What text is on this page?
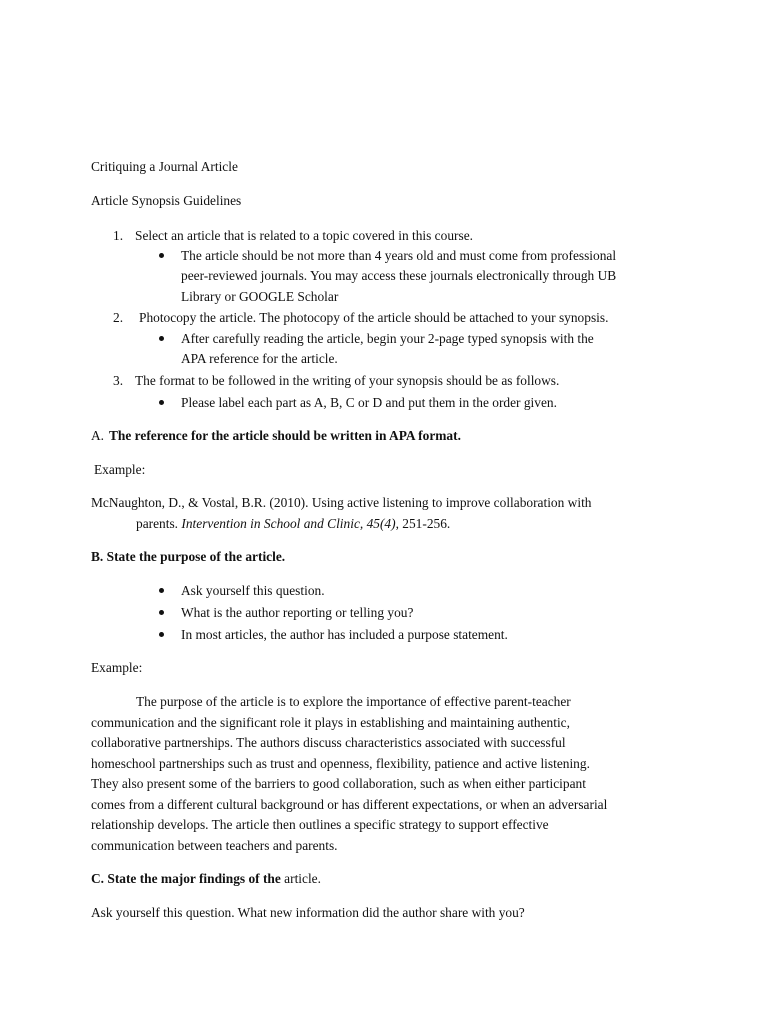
Critiquing a Journal Article
Article Synopsis Guidelines
1. Select an article that is related to a topic covered in this course.
The article should be not more than 4 years old and must come from professional
peer-reviewed journals. You may access these journals electronically through UB
Library or GOOGLE Scholar
2. Photocopy the article. The photocopy of the article should be attached to your synopsis.
After carefully reading the article, begin your 2-page typed synopsis with the
APA reference for the article.
3. The format to be followed in the writing of your synopsis should be as follows.
Please label each part as A, B, C or D and put them in the order given.
A. The reference for the article should be written in APA format.
Example:
McNaughton, D., & Vostal, B.R. (2010). Using active listening to improve collaboration with
parents. Intervention in School and Clinic, 45(4), 251-256.
B. State the purpose of the article.
Ask yourself this question.
What is the author reporting or telling you?
In most articles, the author has included a purpose statement.
Example:
The purpose of the article is to explore the importance of effective parent-teacher
communication and the significant role it plays in establishing and maintaining authentic,
collaborative partnerships. The authors discuss characteristics associated with successful
homeschool partnerships such as trust and openness, flexibility, patience and active listening.
They also present some of the barriers to good collaboration, such as when either participant
comes from a different cultural background or has different expectations, or when an adversarial
relationship develops. The article then outlines a specific strategy to support effective
communication between teachers and parents.
C. State the major findings of the article.
Ask yourself this question. What new information did the author share with you?
